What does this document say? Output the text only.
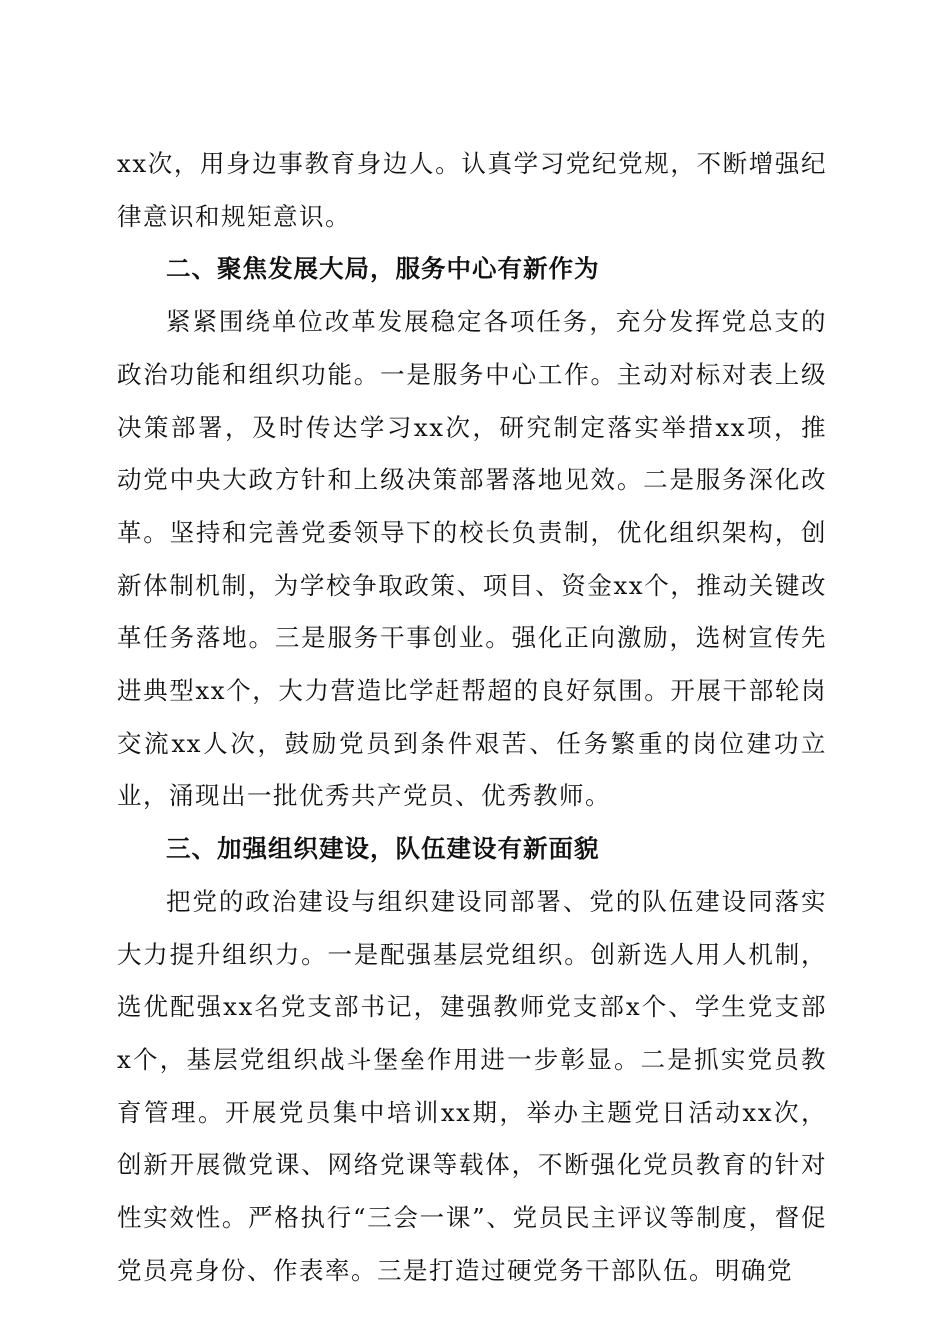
xx次，用身边事教育身边人。认真学习党纪党规，不断增强纪律意识和规矩意识。

二、聚焦发展大局，服务中心有新作为

紧紧围绕单位改革发展稳定各项任务，充分发挥党总支的政治功能和组织功能。一是服务中心工作。主动对标对表上级决策部署，及时传达学习xx次，研究制定落实举措xx项，推动党中央大政方针和上级决策部署落地见效。二是服务深化改革。坚持和完善党委领导下的校长负责制，优化组织架构，创新体制机制，为学校争取政策、项目、资金xx个，推动关键改革任务落地。三是服务干事创业。强化正向激励，选树宣传先进典型xx个，大力营造比学赶帮超的良好氛围。开展干部轮岗交流xx人次，鼓励党员到条件艰苦、任务繁重的岗位建功立业，涌现出一批优秀共产党员、优秀教师。

三、加强组织建设，队伍建设有新面貌

把党的政治建设与组织建设同部署、党的队伍建设同落实大力提升组织力。一是配强基层党组织。创新选人用人机制，选优配强xx名党支部书记，建强教师党支部x个、学生党支部x个，基层党组织战斗堡垒作用进一步彰显。二是抓实党员教育管理。开展党员集中培训xx期，举办主题党日活动xx次，创新开展微党课、网络党课等载体，不断强化党员教育的针对性实效性。严格执行“三会一课”、党员民主评议等制度，督促党员亮身份、作表率。三是打造过硬党务干部队伍。明确党
